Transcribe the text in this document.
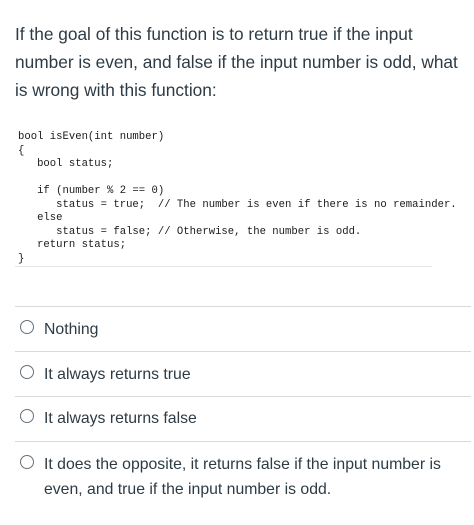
If the goal of this function is to return true if the input number is even, and false if the input number is odd, what is wrong with this function:
bool isEven(int number)
{
bool status;

if (number % 2 == 0)
status = true;  // The number is even if there is no remainder.
else
status = false; // Otherwise, the number is odd.
return status;
}
Nothing
It always returns true
It always returns false
It does the opposite, it returns false if the input number is even, and true if the input number is odd.
